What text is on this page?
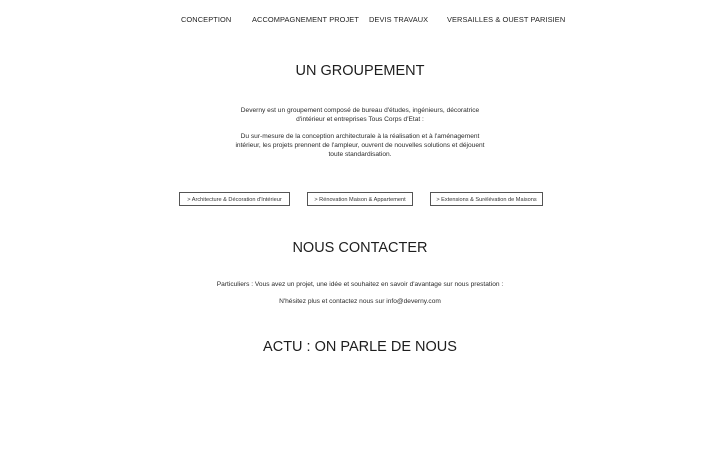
CONCEPTION	ACCOMPAGNEMENT PROJET DEVIS TRAVAUX	VERSAILLES & OUEST PARISIEN
UN GROUPEMENT

Deverny est un groupement composé de bureau d'études, ingénieurs, décoratrice d'intérieur et entreprises Tous Corps d'Etat :

Du sur-mesure de la conception architecturale à la réalisation et à l'aménagement intérieur, les projets prennent de l'ampleur, ouvrent de nouvelles solutions et déjouent toute standardisation.

> Architecture & Décoration d'Intérieur	> Rénovation Maison & Appartement	> Extensions & Surélévation de Maisons
NOUS CONTACTER

Particuliers : Vous avez un projet, une idée et souhaitez en savoir d'avantage sur nous prestation :

N'hésitez plus et contactez nous sur info@deverny.com

ACTU : ON PARLE DE NOUS
